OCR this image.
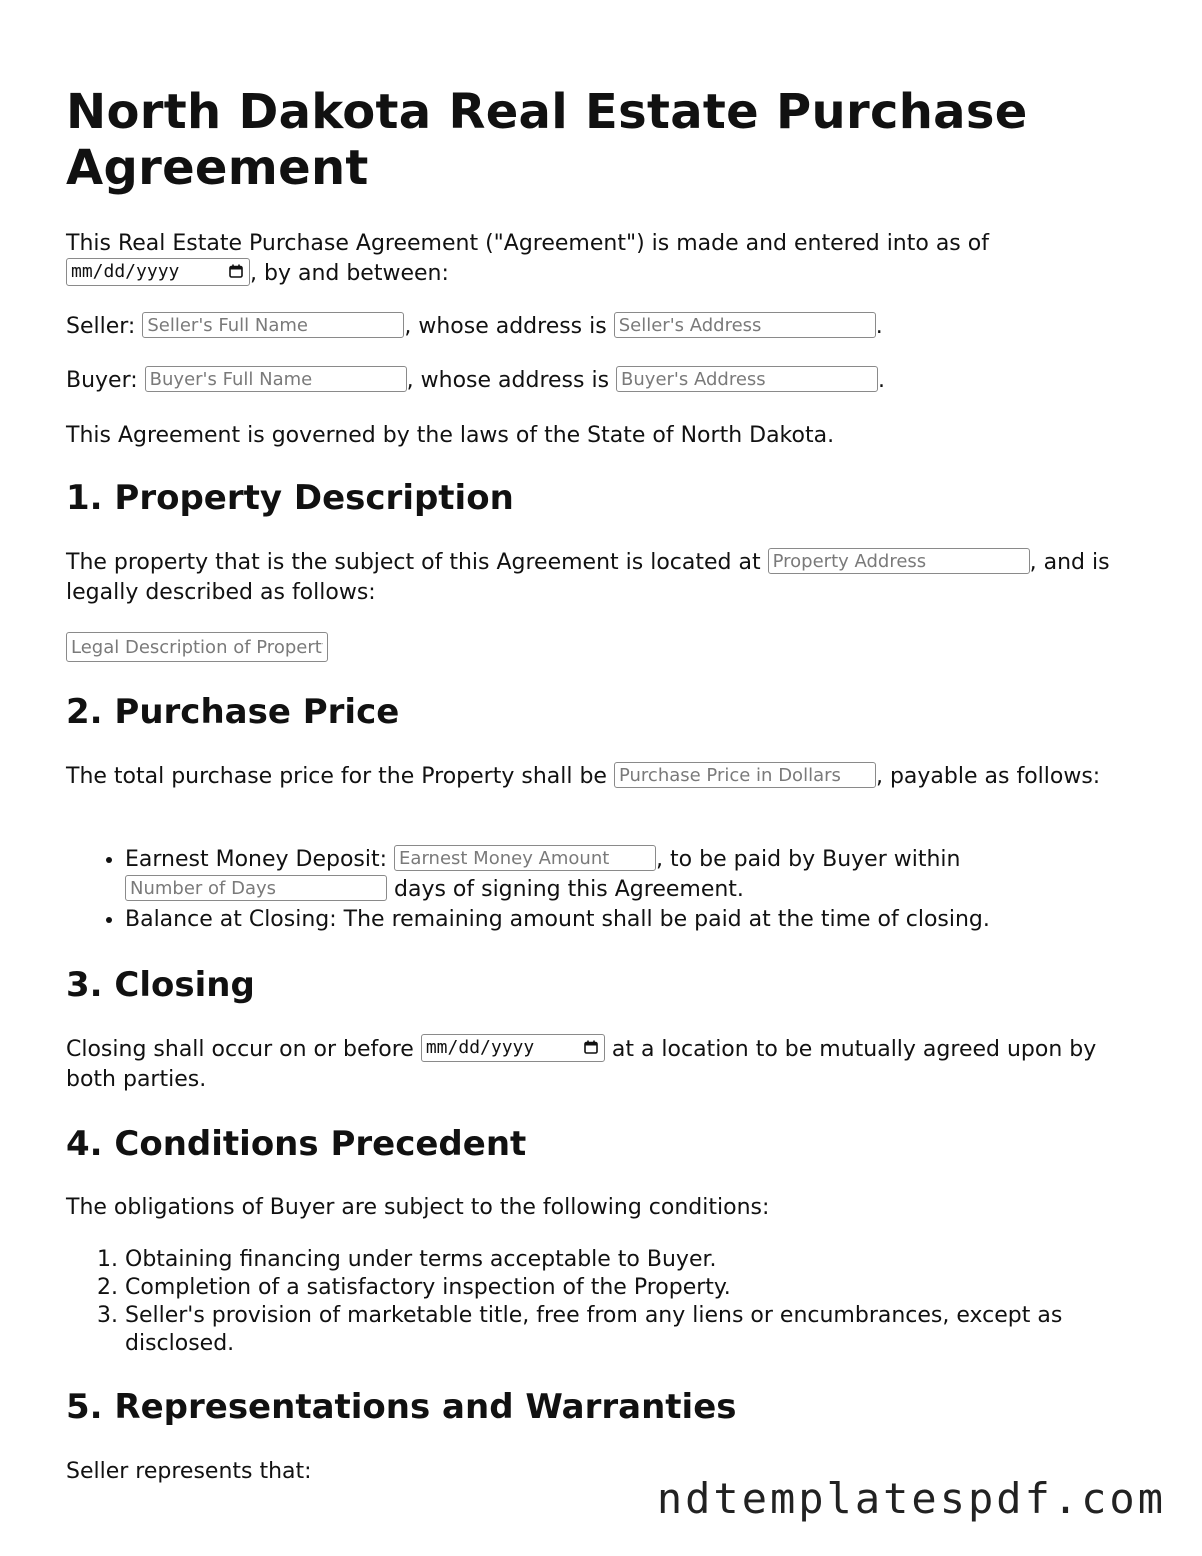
North Dakota Real Estate Purchase Agreement

This Real Estate Purchase Agreement ("Agreement") is made and entered into as of
mm/dd/yyyy	, by and between:

Seller: Seller's Full Name	, whose address is Seller's Address	.

Buyer: Buyer's Full Name	, whose address is Buyer's Address	.

This Agreement is governed by the laws of the State of North Dakota.

1. Property Description

The property that is the subject of this Agreement is located at Property Address	, and is legally described as follows:

Legal Description of Property
2. Purchase Price

The total purchase price for the Property shall be Purchase Price in Dollars	, payable as follows:

• Earnest Money Deposit: Earnest Money Amount	, to be paid by Buyer within
Number of Days days of signing this Agreement.
• Balance at Closing: The remaining amount shall be paid at the time of closing.
3. Closing

Closing shall occur on or before mm/dd/yyyy	at a location to be mutually agreed upon by both parties.

4. Conditions Precedent

The obligations of Buyer are subject to the following conditions:

1. Obtaining financing under terms acceptable to Buyer.
2. Completion of a satisfactory inspection of the Property.
3. Seller's provision of marketable title, free from any liens or encumbrances, except as disclosed.
5. Representations and Warranties

Seller represents that:

ndtemplatespdf.com
